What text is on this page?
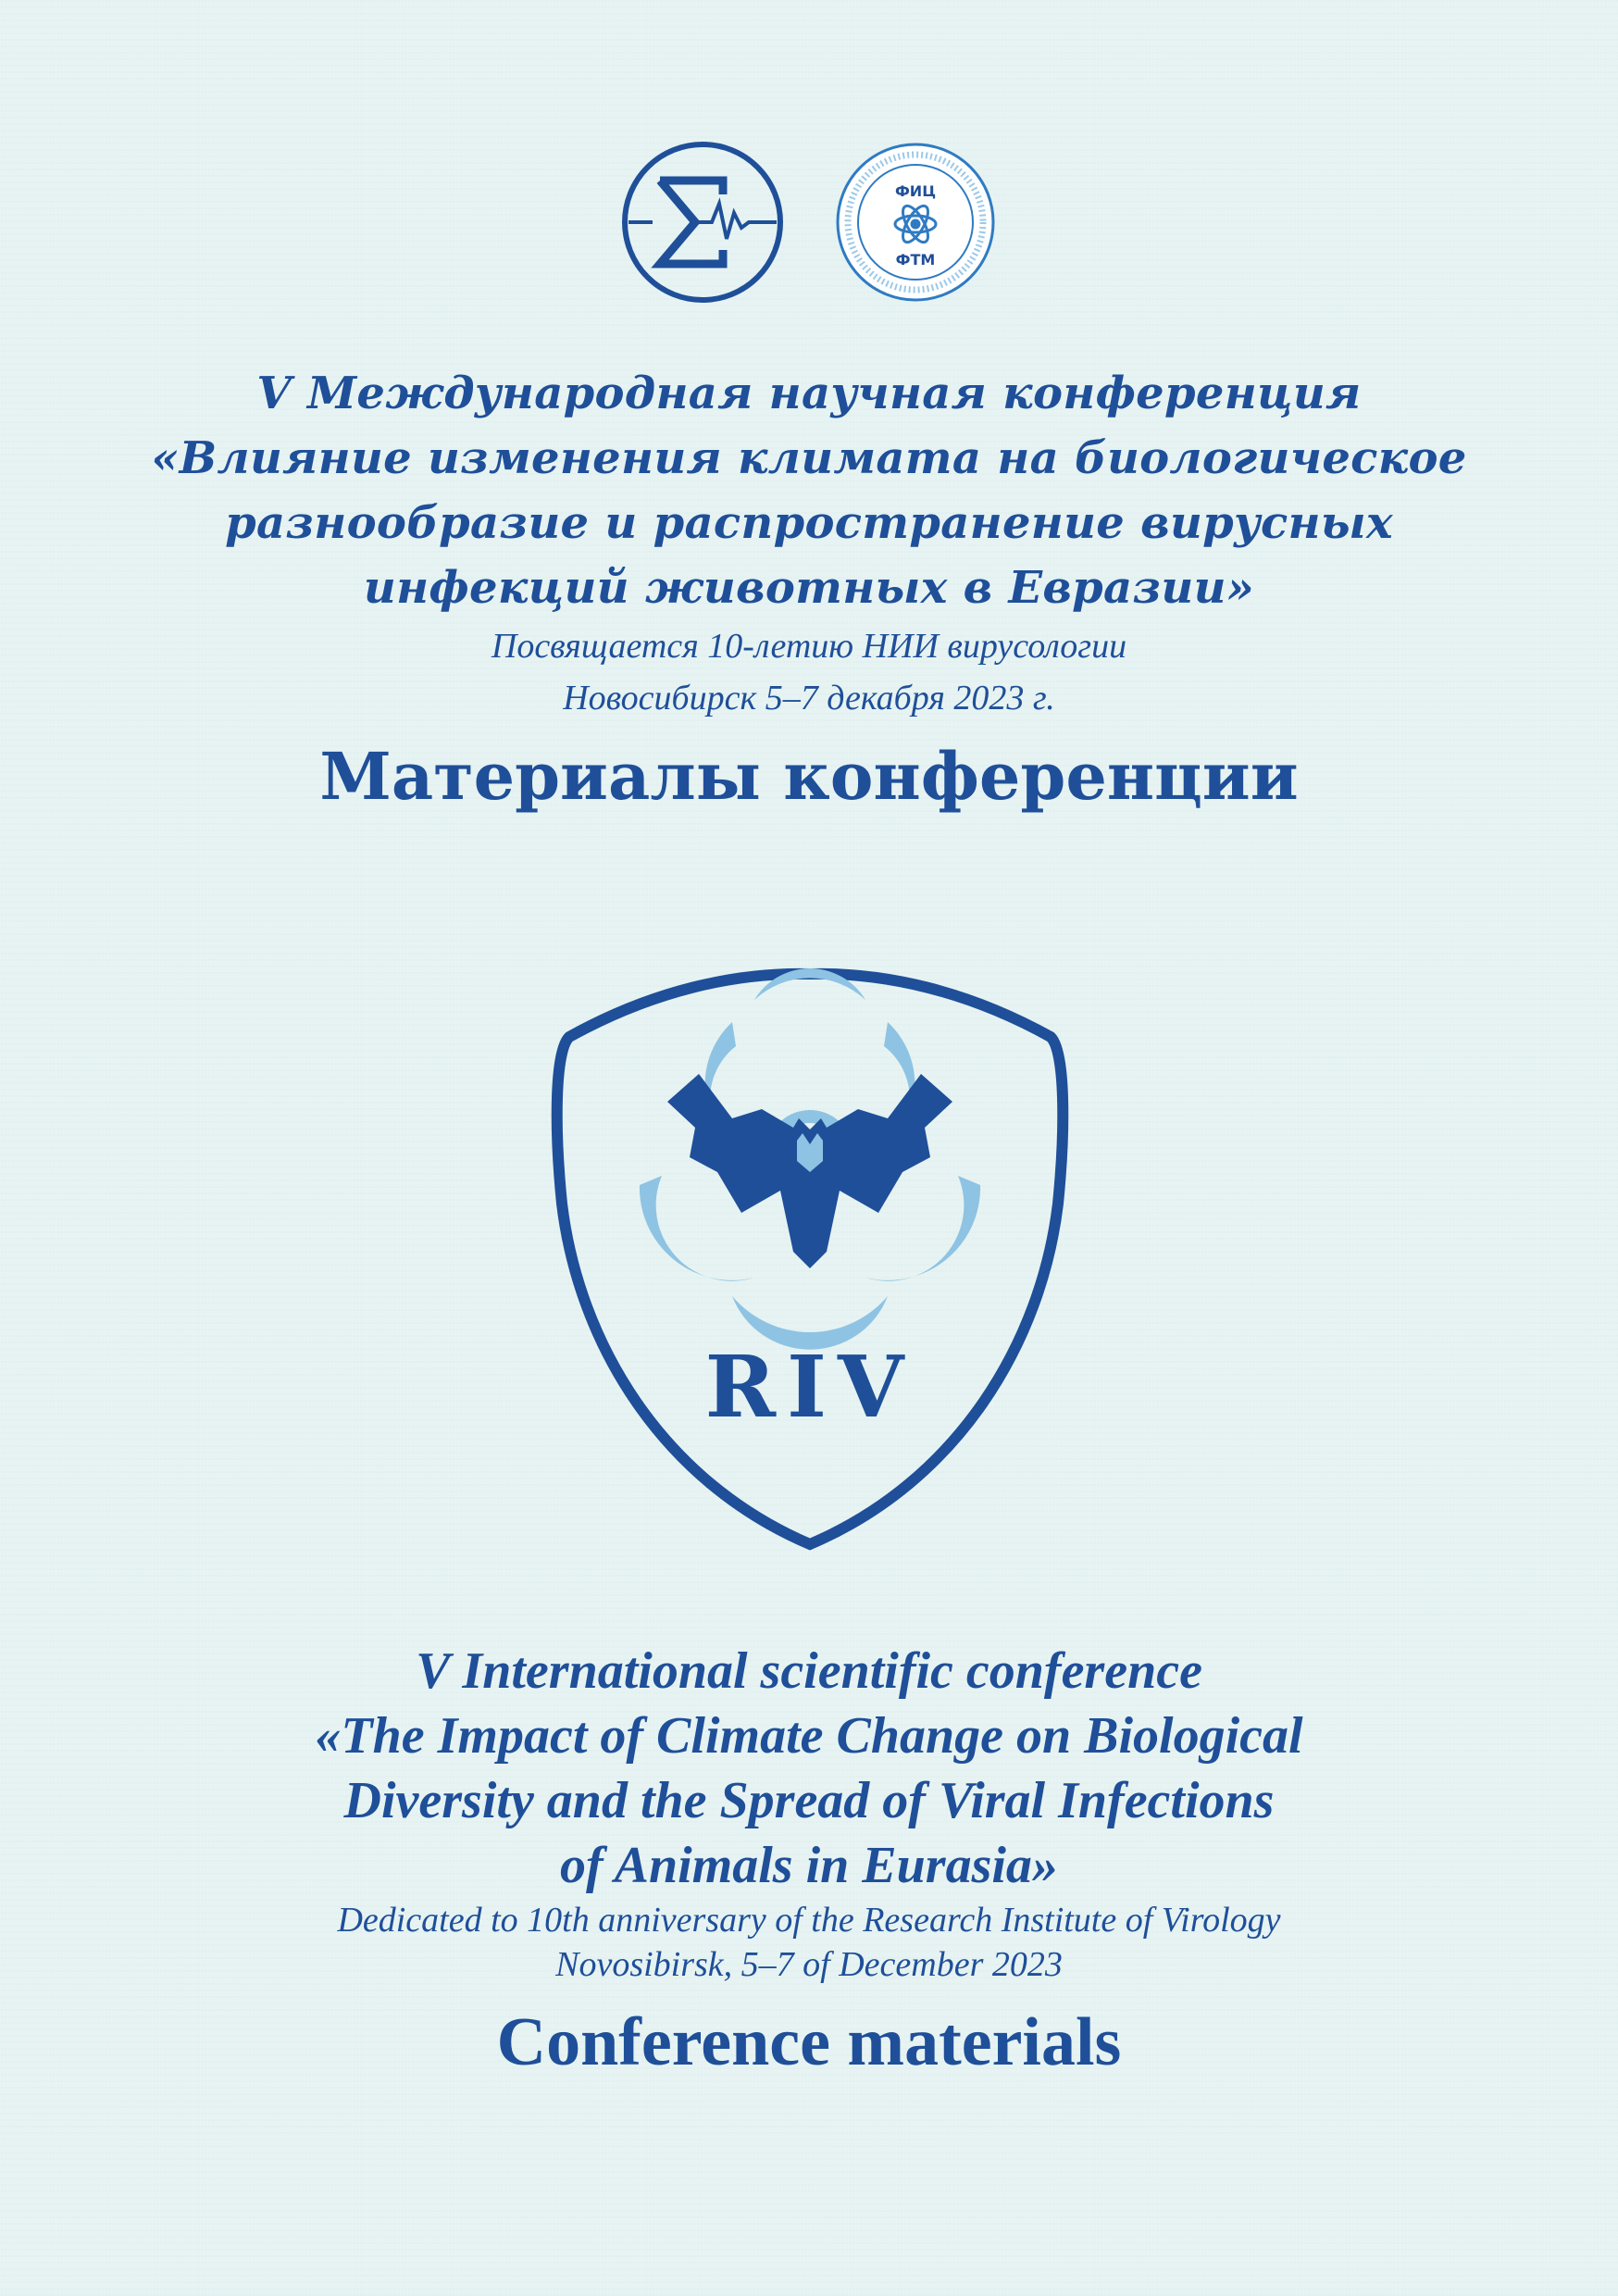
ФИЦ
ФТМ
V Международная научная конференция
«Влияние изменения климата на биологическое
разнообразие и распространение вирусных
инфекций животных в Евразии»
Посвящается 10-летию НИИ вирусологии
Новосибирск 5–7 декабря 2023 г.
Материалы конференции
RIV
V International scientific conference
«The Impact of Climate Change on Biological
Diversity and the Spread of Viral Infections
of Animals in Eurasia»
Dedicated to 10th anniversary of the Research Institute of Virology
Novosibirsk, 5–7 of December 2023
Conference materials
